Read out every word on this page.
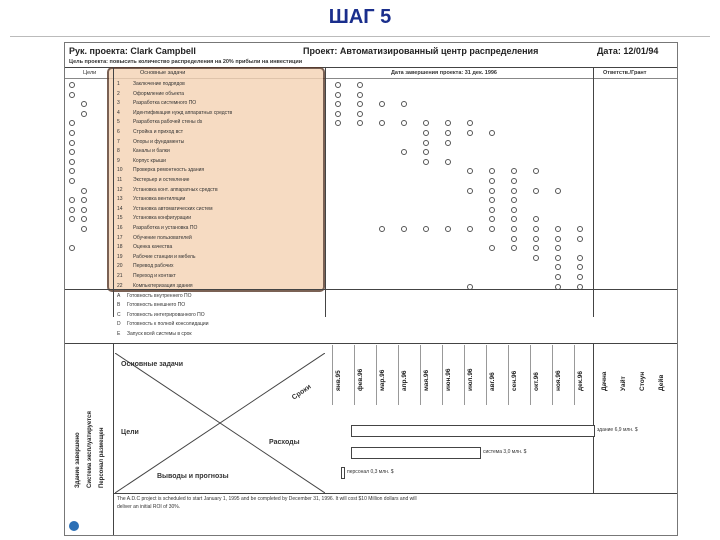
ШАГ 5
Рук. проекта: Clark Campbell	Проект: Автоматизированный центр распределения	Дата: 12/01/94
Цель проекта: повысить количество распределения на 20% прибыли на инвестиции
Цели	Дата завершения проекта: 31 дек. 1996	Ответств./Грант
Основные задачи
1	Заключение подрядов
2	Оформление объекта
3	Разработка системного ПО
4	Идентификация нужд аппаратных средств
5	Разработка рабочей стены ds
6	Стройка и приход вст
7	Опоры и фундаменты
8	Каналы и балки
9	Корпус крыши
10 Проверка ремонтность здания
11 Экстерьер и остекление
12 Установка конт. аппаратных средств
13 Установка вентиляции
14 Установка автоматических систем
15 Установка конфигурации
16 Разработка и установка ПО
17 Обучение пользователей
18 Оценка качества
19 Рабочие станции и мебель
20 Перевод рабочих
21 Переход и контакт
22 Компьютеризация здания
A Готовность внутреннего ПО
B Готовность внешнего ПО
C Готовность интегрированного ПО
D Готовность к полной консолидации
E Запуск всей системы в срок
Здание завершено Система эксплуатируется Персонал размещен
Основные задачи
Сроки
Цели
Расходы
Выводы и прогнозы
янв.95 фев.96 мар.96 апр.96 мая.96 июн.96 июл.96 авг.96 сен.96 окт.96 ноя.96 дек.96	Дачна Уайт Стоун Дейв
здание 6,9 млн. $
система 3,0 млн. $
персонал 0,3 млн. $
The A.D.C project is scheduled to start January 1, 1995 and be completed by December 31, 1996. It will cost $10 Million dollars and will deliver an initial ROI of 30%.
